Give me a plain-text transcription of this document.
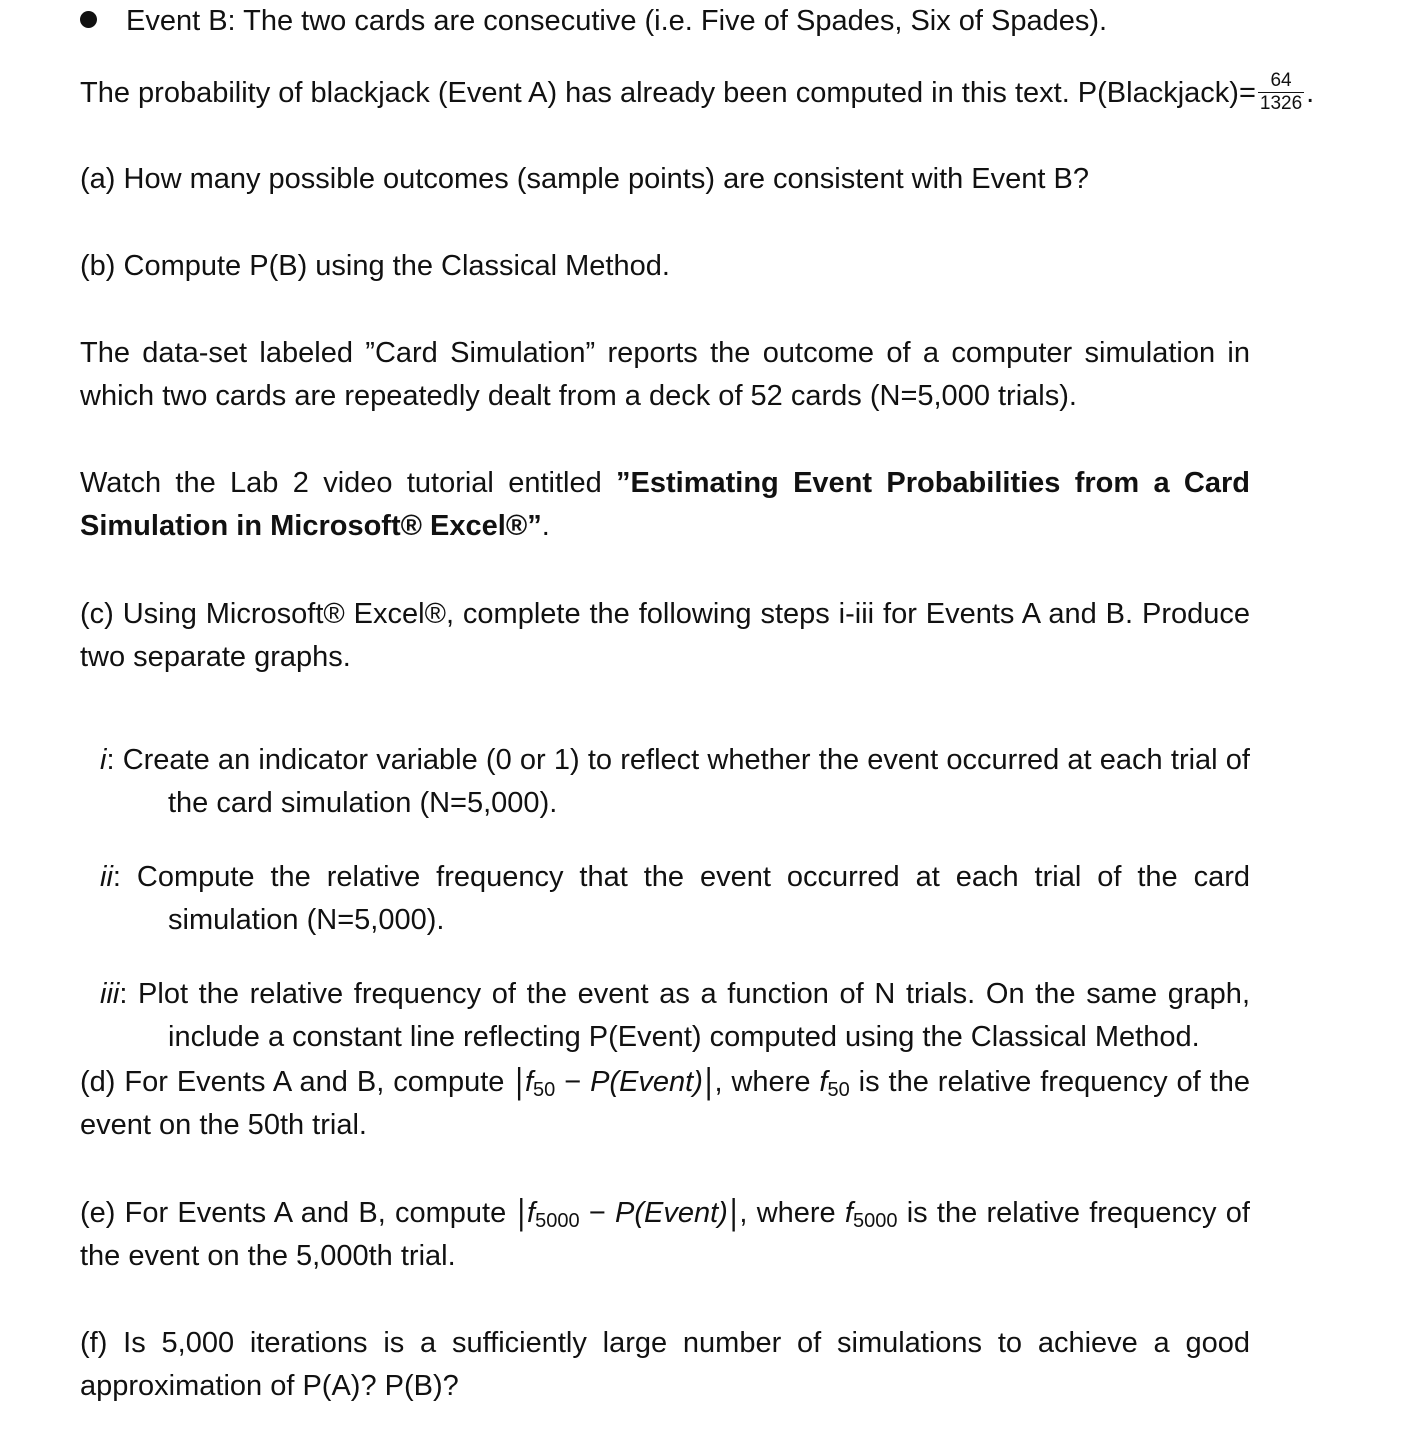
Event B: The two cards are consecutive (i.e. Five of Spades, Six of Spades).
The probability of blackjack (Event A) has already been computed in this text. P(Blackjack)= $\frac{64}{1326}$ .

(a) How many possible outcomes (sample points) are consistent with Event B?

(b) Compute P(B) using the Classical Method.

The data-set labeled ”Card Simulation” reports the outcome of a computer simulation in which two cards are repeatedly dealt from a deck of 52 cards (N=5,000 trials).

Watch the Lab 2 video tutorial entitled ”Estimating Event Probabilities from a Card Simulation in Microsoft® Excel®”.

(c) Using Microsoft® Excel®, complete the following steps i-iii for Events A and B. Produce two separate graphs.

i: Create an indicator variable (0 or 1) to reflect whether the event occurred at each trial of the card simulation (N=5,000).

ii: Compute the relative frequency that the event occurred at each trial of the card simulation (N=5,000).

iii: Plot the relative frequency of the event as a function of N trials. On the same graph, include a constant line reflecting P(Event) computed using the Classical Method.

(d) For Events A and B, compute $|f_{50}$ − P(Event)|, where $f_{50}$ is the relative frequency of the event on the 50th trial.

(e) For Events A and B, compute $|f_{5000}$ − P(Event)|, where $f_{5000}$ is the relative frequency of the event on the 5,000th trial.

(f) Is 5,000 iterations is a sufficiently large number of simulations to achieve a good approximation of P(A)? P(B)?
